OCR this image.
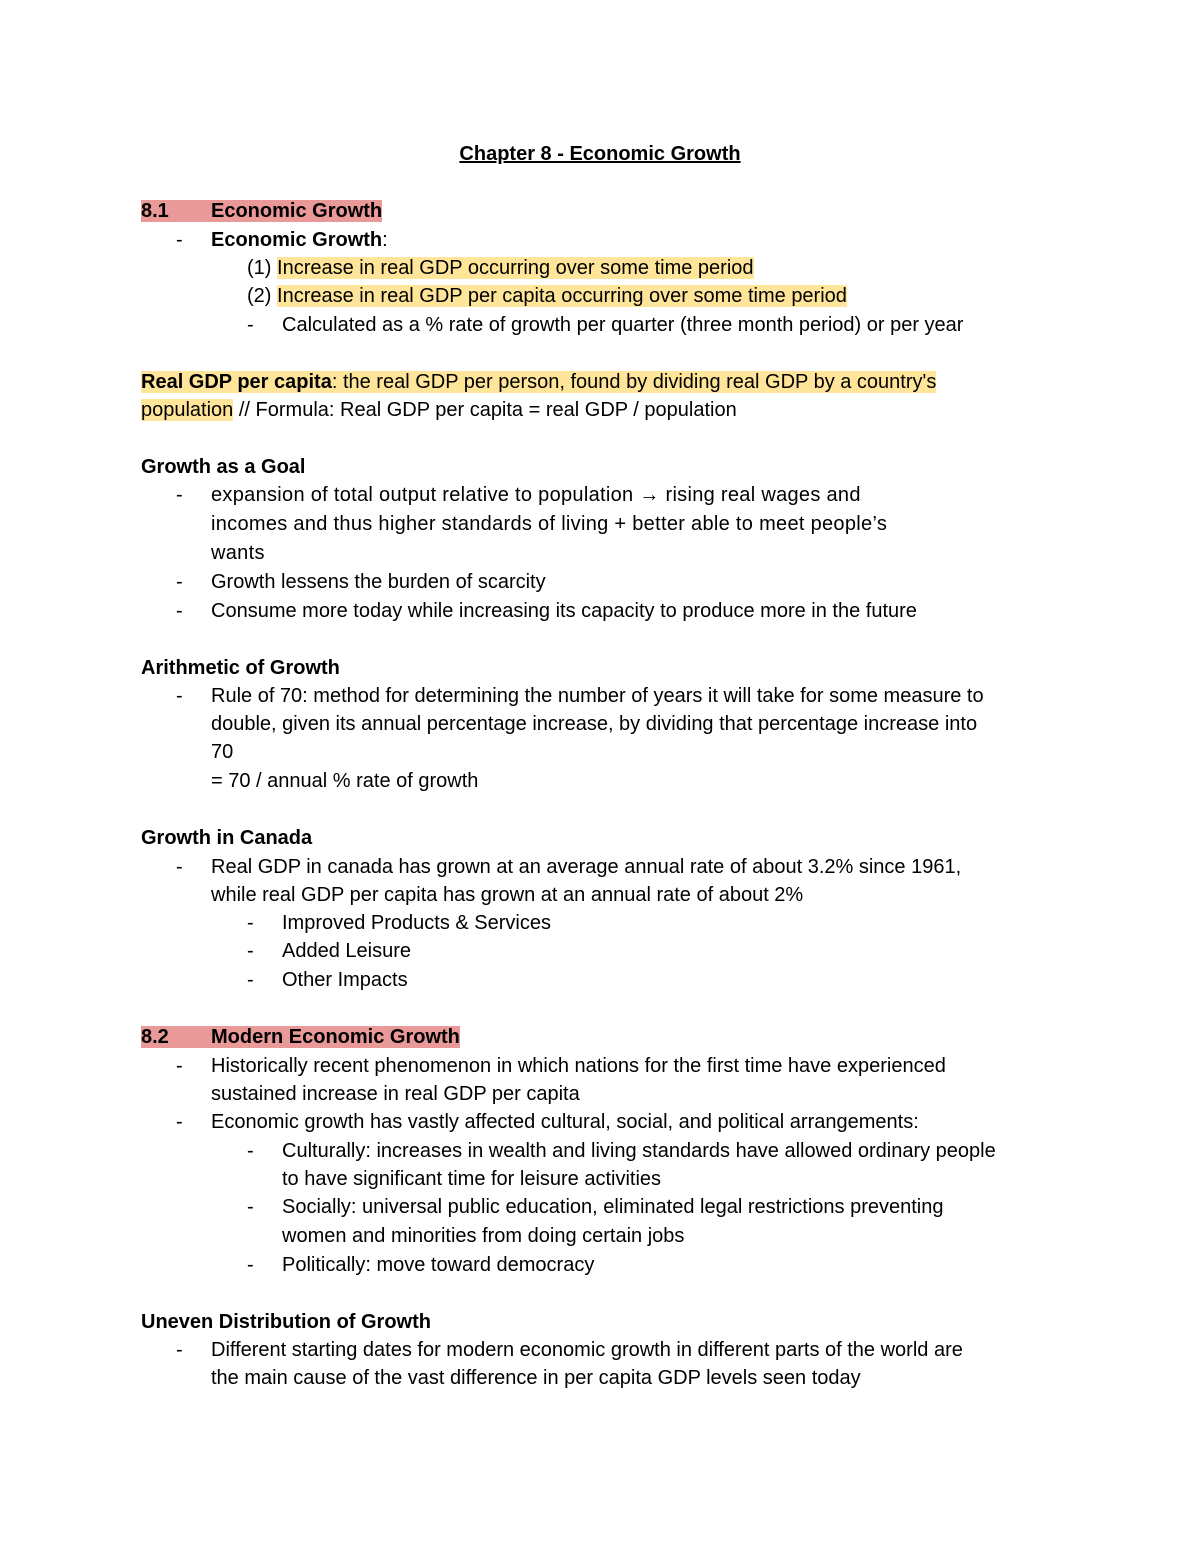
Chapter 8 - Economic Growth
8.1 Economic Growth
- Economic Growth:
(1) Increase in real GDP occurring over some time period
(2) Increase in real GDP per capita occurring over some time period
- Calculated as a % rate of growth per quarter (three month period) or per year
Real GDP per capita: the real GDP per person, found by dividing real GDP by a country's
population // Formula: Real GDP per capita = real GDP / population
Growth as a Goal
- expansion of total output relative to population → rising real wages and
incomes and thus higher standards of living + better able to meet people’s
wants
- Growth lessens the burden of scarcity
- Consume more today while increasing its capacity to produce more in the future
Arithmetic of Growth
- Rule of 70: method for determining the number of years it will take for some measure to
double, given its annual percentage increase, by dividing that percentage increase into
70
= 70 / annual % rate of growth
Growth in Canada
- Real GDP in canada has grown at an average annual rate of about 3.2% since 1961,
while real GDP per capita has grown at an annual rate of about 2%
- Improved Products & Services
- Added Leisure
- Other Impacts
8.2 Modern Economic Growth
- Historically recent phenomenon in which nations for the first time have experienced
sustained increase in real GDP per capita
- Economic growth has vastly affected cultural, social, and political arrangements:
- Culturally: increases in wealth and living standards have allowed ordinary people
to have significant time for leisure activities
- Socially: universal public education, eliminated legal restrictions preventing
women and minorities from doing certain jobs
- Politically: move toward democracy
Uneven Distribution of Growth
- Different starting dates for modern economic growth in different parts of the world are
the main cause of the vast difference in per capita GDP levels seen today
